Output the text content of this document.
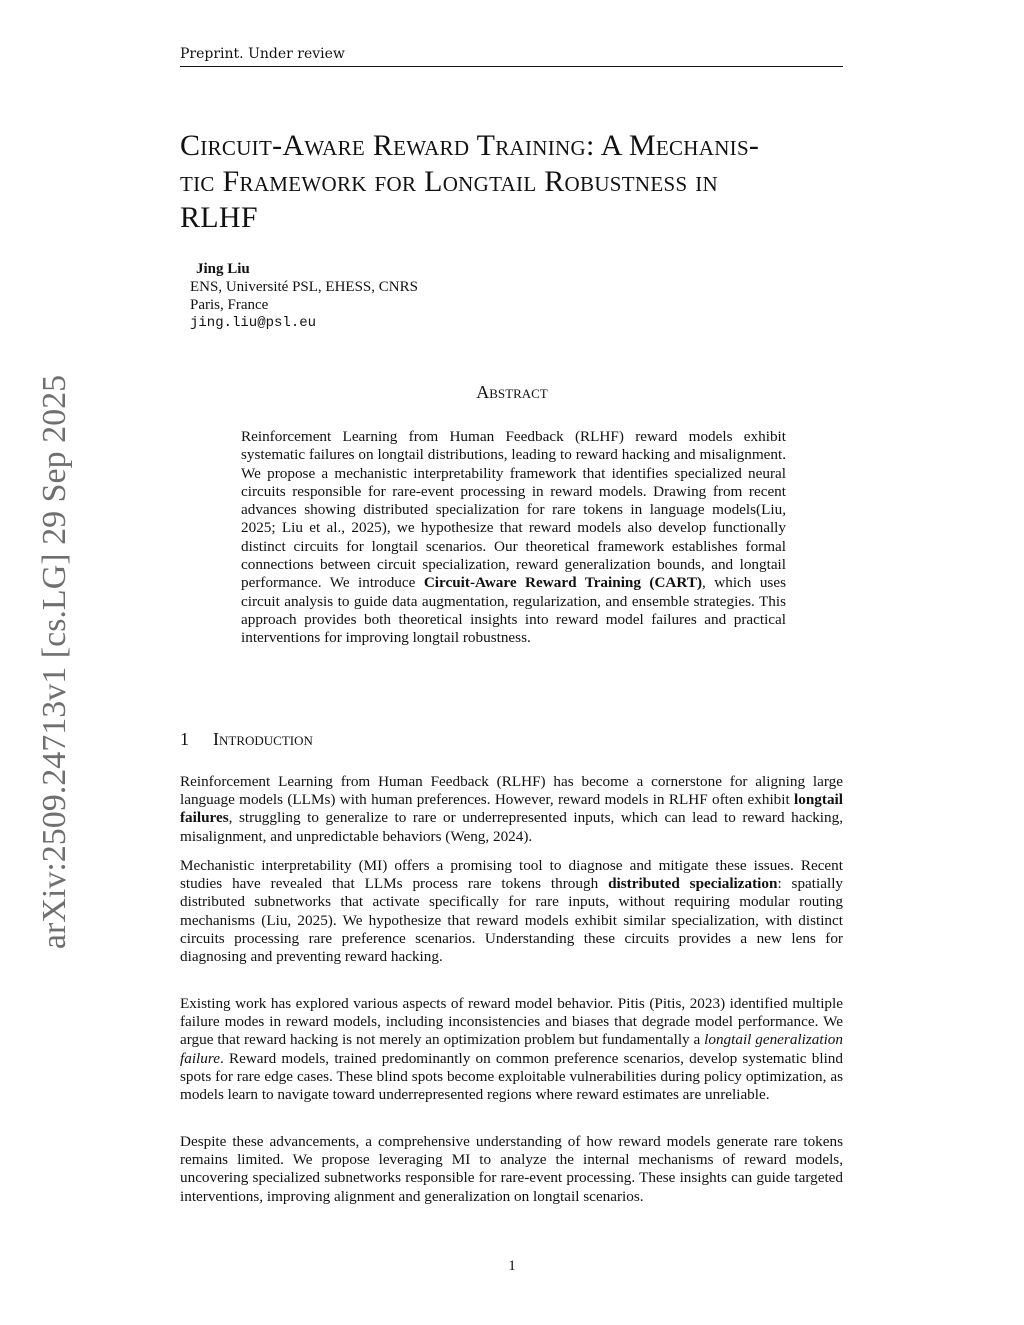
Preprint. Under review
arXiv:2509.24713v1 [cs.LG] 29 Sep 2025
Circuit-Aware Reward Training: A Mechanis-
tic Framework for Longtail Robustness in
RLHF
Jing Liu
ENS, Université PSL, EHESS, CNRS
Paris, France
jing.liu@psl.eu
Abstract

Reinforcement Learning from Human Feedback (RLHF) reward models exhibit systematic failures on longtail distributions, leading to reward hacking and misalignment. We propose a mechanistic interpretability framework that identifies specialized neural circuits responsible for rare-event processing in reward models. Drawing from recent advances showing distributed specialization for rare tokens in language models(Liu, 2025; Liu et al., 2025), we hypothesize that reward models also develop functionally distinct circuits for longtail scenarios. Our theoretical framework establishes formal connections between circuit specialization, reward generalization bounds, and longtail performance. We introduce Circuit-Aware Reward Training (CART), which uses circuit analysis to guide data augmentation, regularization, and ensemble strategies. This approach provides both theoretical insights into reward model failures and practical interventions for improving longtail robustness.

1 Introduction

Reinforcement Learning from Human Feedback (RLHF) has become a cornerstone for aligning large language models (LLMs) with human preferences. However, reward models in RLHF often exhibit longtail failures, struggling to generalize to rare or underrepresented inputs, which can lead to reward hacking, misalignment, and unpredictable behaviors (Weng, 2024).

Mechanistic interpretability (MI) offers a promising tool to diagnose and mitigate these issues. Recent studies have revealed that LLMs process rare tokens through distributed specialization: spatially distributed subnetworks that activate specifically for rare inputs, without requiring modular routing mechanisms (Liu, 2025). We hypothesize that reward models exhibit similar specialization, with distinct circuits processing rare preference scenarios. Understanding these circuits provides a new lens for diagnosing and preventing reward hacking.

Existing work has explored various aspects of reward model behavior. Pitis (Pitis, 2023) identified multiple failure modes in reward models, including inconsistencies and biases that degrade model performance. We argue that reward hacking is not merely an optimization problem but fundamentally a longtail generalization failure. Reward models, trained predominantly on common preference scenarios, develop systematic blind spots for rare edge cases. These blind spots become exploitable vulnerabilities during policy optimization, as models learn to navigate toward underrepresented regions where reward estimates are unreliable.

Despite these advancements, a comprehensive understanding of how reward models generate rare tokens remains limited. We propose leveraging MI to analyze the internal mechanisms of reward models, uncovering specialized subnetworks responsible for rare-event processing. These insights can guide targeted interventions, improving alignment and generalization on longtail scenarios.

1
